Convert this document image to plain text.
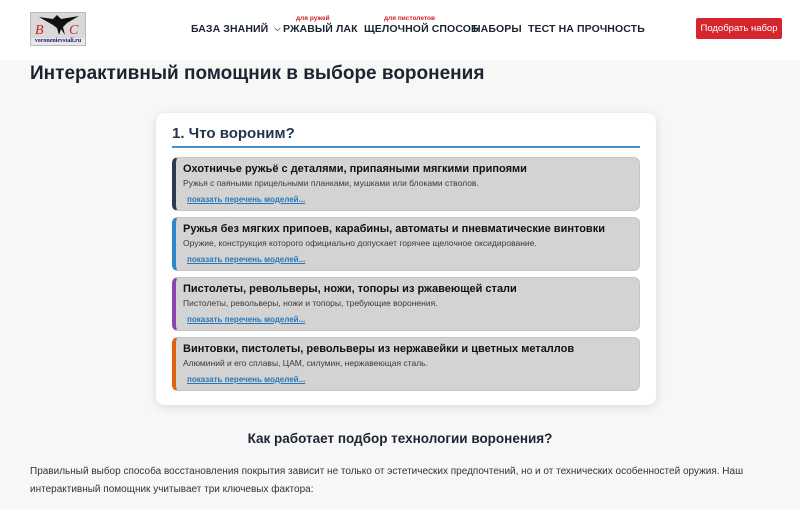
В С
voronenievstali.ru
БАЗА ЗНАНИЙ ⌵
для ружей
РЖАВЫЙ ЛАК
для пистолетов
ЩЕЛОЧНОЙ СПОСОБ
НАБОРЫ ТЕСТ НА ПРОЧНОСТЬ	Подобрать набор
Интерактивный помощник в выборе воронения
1. Что вороним?
Охотничье ружьё с деталями, припаяными мягкими припоями
Ружья с паяными прицельными планками, мушками или блоками стволов.
показать перечень моделей...
Ружья без мягких припоев, карабины, автоматы и пневматические винтовки
Оружие, конструкция которого официально допускает горячее щелочное оксидирование.
показать перечень моделей...
Пистолеты, револьверы, ножи, топоры из ржавеющей стали
Пистолеты, револьверы, ножи и топоры, требующие воронения.
показать перечень моделей...
Винтовки, пистолеты, револьверы из нержавейки и цветных металлов
Алюминий и его сплавы, ЦАМ, силумин, нержавеющая сталь.
показать перечень моделей...
Как работает подбор технологии воронения?

Правильный выбор способа восстановления покрытия зависит не только от эстетических предпочтений, но и от технических особенностей оружия. Наш интерактивный помощник учитывает три ключевых фактора:
